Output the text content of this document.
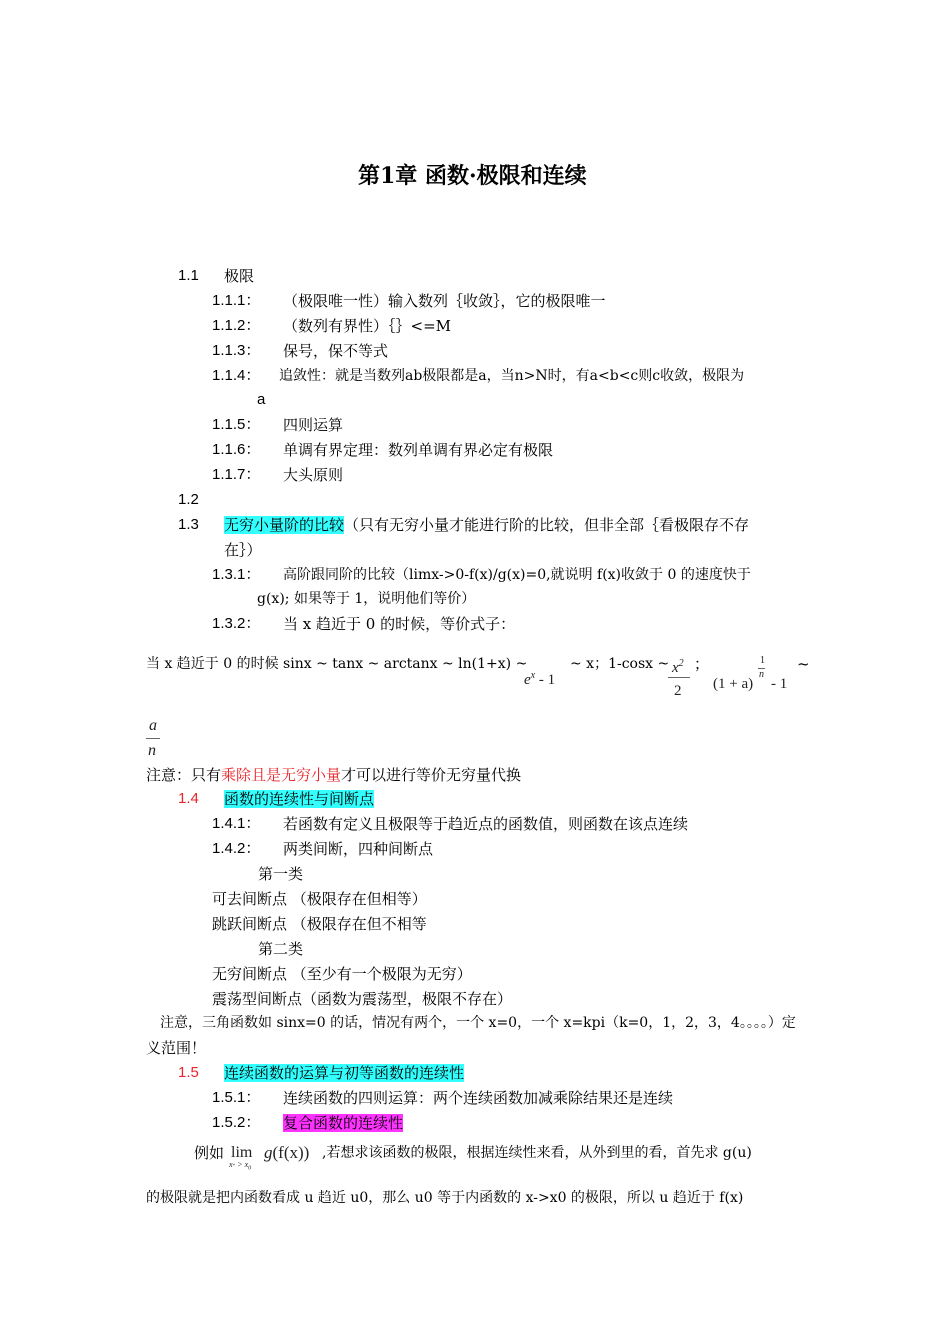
第1章 函数·极限和连续
1.1 极限
1.1.1： （极限唯一性）输入数列｛收敛｝，它的极限唯一
1.1.2： （数列有界性）｛｝<=M
1.1.3： 保号，保不等式
1.1.4： 追敛性：就是当数列ab极限都是a，当n>N时，有a<b<c则c收敛，极限为
a
1.1.5： 四则运算
1.1.6： 单调有界定理：数列单调有界必定有极限
1.1.7： 大头原则
1.2
1.3 无穷小量阶的比较（只有无穷小量才能进行阶的比较，但非全部｛看极限存不存
在｝）
1.3.1： 高阶跟同阶的比较（limx->0-f(x)/g(x)=0,就说明 f(x)收敛于 0 的速度快于
g(x); 如果等于 1，说明他们等价）
1.3.2： 当 x 趋近于 0 的时候，等价式子：
当 x 趋近于 0 的时候 sinx ~ tanx ~ arctanx ~ ln(1+x) ~
$e^x - 1$
~ x；1-cosx ~ $x^2$
2
；	1
n
(1 + a) - 1
~
a
n
注意：只有乘除且是无穷小量才可以进行等价无穷量代换
1.4 函数的连续性与间断点
1.4.1： 若函数有定义且极限等于趋近点的函数值，则函数在该点连续
1.4.2： 两类间断，四种间断点
第一类
可去间断点 （极限存在但相等）
跳跃间断点 （极限存在但不相等
第二类
无穷间断点 （至少有一个极限为无穷）
震荡型间断点（函数为震荡型，极限不存在）
注意，三角函数如 sinx=0 的话，情况有两个，一个 x=0，一个 x=kpi（k=0，1，2，3，4。。。。）定
义范围！
1.5 连续函数的运算与初等函数的连续性
1.5.1： 连续函数的四则运算：两个连续函数加减乘除结果还是连续
1.5.2： 复合函数的连续性
例如 lim
$x- > x_0$
g(f(x)) ,若想求该函数的极限，根据连续性来看，从外到里的看，首先求 g(u)
的极限就是把内函数看成 u 趋近 u0，那么 u0 等于内函数的 x->x0 的极限，所以 u 趋近于 f(x)
